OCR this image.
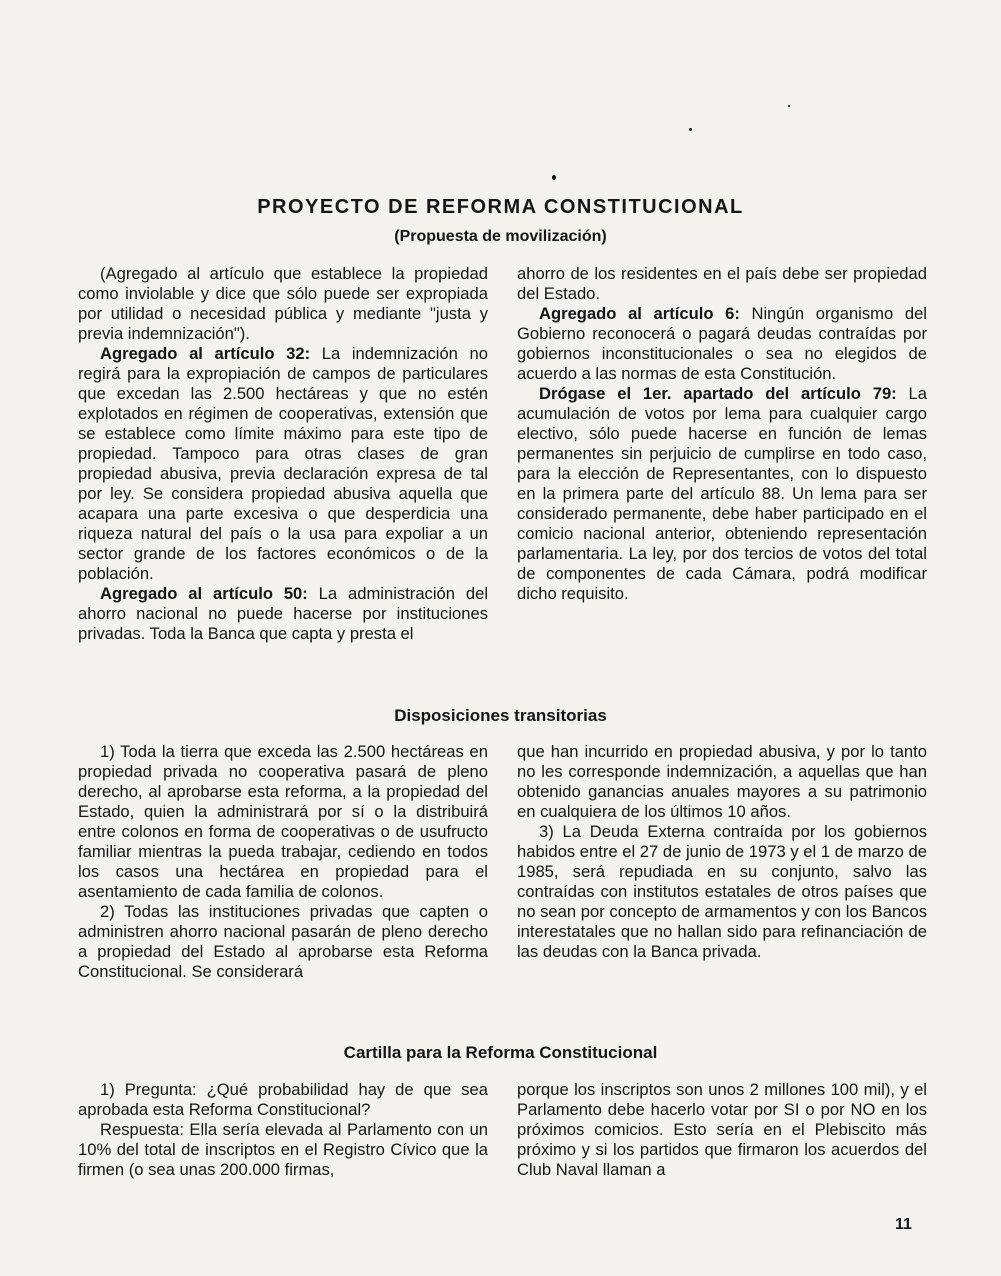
PROYECTO DE REFORMA CONSTITUCIONAL
(Propuesta de movilización)

(Agregado al artículo que establece la propiedad como inviolable y dice que sólo puede ser expropiada por utilidad o necesidad pública y mediante "justa y previa indemnización").

Agregado al artículo 32: La indemnización no regirá para la expropiación de campos de particulares que excedan las 2.500 hectáreas y que no estén explotados en régimen de cooperativas, extensión que se establece como límite máximo para este tipo de propiedad. Tampoco para otras clases de gran propiedad abusiva, previa declaración expresa de tal por ley. Se considera propiedad abusiva aquella que acapara una parte excesiva o que desperdicia una riqueza natural del país o la usa para expoliar a un sector grande de los factores económicos o de la población.

Agregado al artículo 50: La administración del ahorro nacional no puede hacerse por instituciones privadas. Toda la Banca que capta y presta el

ahorro de los residentes en el país debe ser propiedad del Estado.

Agregado al artículo 6: Ningún organismo del Gobierno reconocerá o pagará deudas contraídas por gobiernos inconstitucionales o sea no elegidos de acuerdo a las normas de esta Constitución.

Drógase el 1er. apartado del artículo 79: La acumulación de votos por lema para cualquier cargo electivo, sólo puede hacerse en función de lemas permanentes sin perjuicio de cumplirse en todo caso, para la elección de Representantes, con lo dispuesto en la primera parte del artículo 88. Un lema para ser considerado permanente, debe haber participado en el comicio nacional anterior, obteniendo representación parlamentaria. La ley, por dos tercios de votos del total de componentes de cada Cámara, podrá modificar dicho requisito.

Disposiciones transitorias

1) Toda la tierra que exceda las 2.500 hectáreas en propiedad privada no cooperativa pasará de pleno derecho, al aprobarse esta reforma, a la propiedad del Estado, quien la administrará por sí o la distribuirá entre colonos en forma de cooperativas o de usufructo familiar mientras la pueda trabajar, cediendo en todos los casos una hectárea en propiedad para el asentamiento de cada familia de colonos.

2) Todas las instituciones privadas que capten o administren ahorro nacional pasarán de pleno derecho a propiedad del Estado al aprobarse esta Reforma Constitucional. Se considerará

que han incurrido en propiedad abusiva, y por lo tanto no les corresponde indemnización, a aquellas que han obtenido ganancias anuales mayores a su patrimonio en cualquiera de los últimos 10 años.

3) La Deuda Externa contraída por los gobiernos habidos entre el 27 de junio de 1973 y el 1 de marzo de 1985, será repudiada en su conjunto, salvo las contraídas con institutos estatales de otros países que no sean por concepto de armamentos y con los Bancos interestatales que no hallan sido para refinanciación de las deudas con la Banca privada.

Cartilla para la Reforma Constitucional

1) Pregunta: ¿Qué probabilidad hay de que sea aprobada esta Reforma Constitucional?

Respuesta: Ella sería elevada al Parlamento con un 10% del total de inscriptos en el Registro Cívico que la firmen (o sea unas 200.000 firmas,

porque los inscriptos son unos 2 millones 100 mil), y el Parlamento debe hacerlo votar por SI o por NO en los próximos comicios. Esto sería en el Plebiscito más próximo y si los partidos que firmaron los acuerdos del Club Naval llaman a

11
